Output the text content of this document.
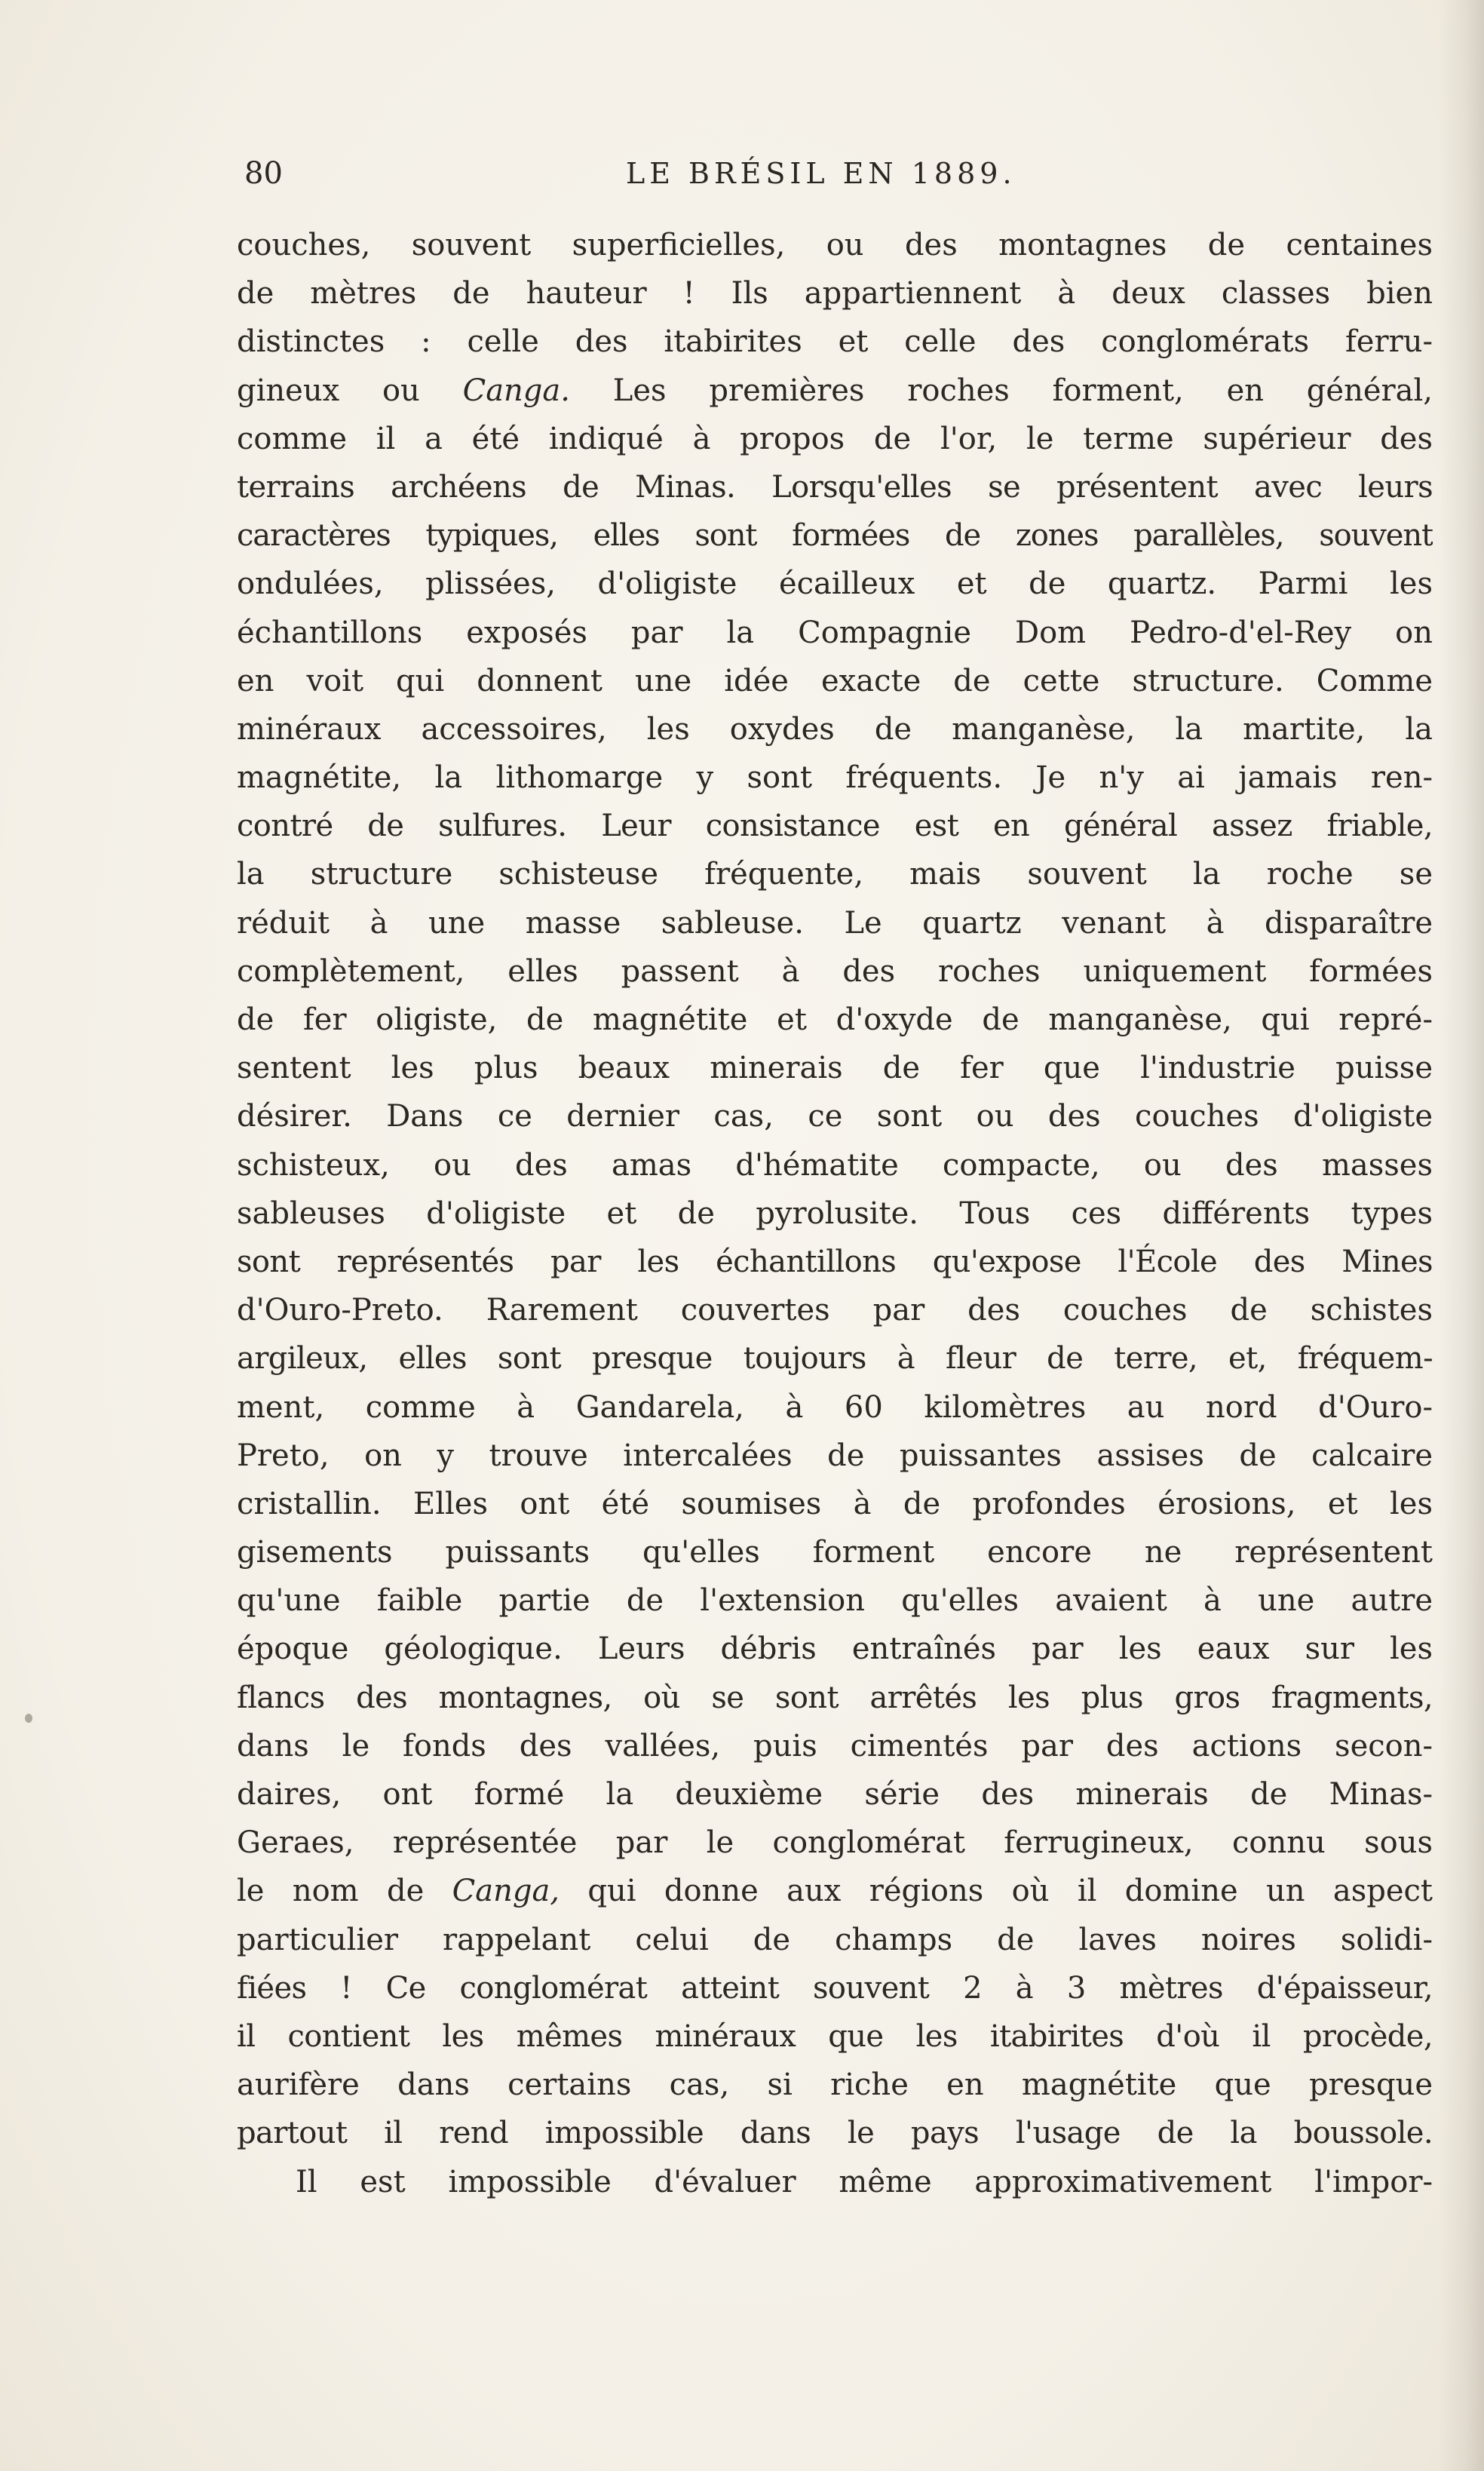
80	LE BRÉSIL EN 1889.
couches, souvent superficielles, ou des montagnes de centaines
de mètres de hauteur ! Ils appartiennent à deux classes bien
distinctes : celle des itabirites et celle des conglomérats ferru-
gineux ou Canga. Les premières roches forment, en général,
comme il a été indiqué à propos de l'or, le terme supérieur des
terrains archéens de Minas. Lorsqu'elles se présentent avec leurs
caractères typiques, elles sont formées de zones parallèles, souvent
ondulées, plissées, d'oligiste écailleux et de quartz. Parmi les
échantillons exposés par la Compagnie Dom Pedro-d'el-Rey on
en voit qui donnent une idée exacte de cette structure. Comme
minéraux accessoires, les oxydes de manganèse, la martite, la
magnétite, la lithomarge y sont fréquents. Je n'y ai jamais ren-
contré de sulfures. Leur consistance est en général assez friable,
la structure schisteuse fréquente, mais souvent la roche se
réduit à une masse sableuse. Le quartz venant à disparaître
complètement, elles passent à des roches uniquement formées
de fer oligiste, de magnétite et d'oxyde de manganèse, qui repré-
sentent les plus beaux minerais de fer que l'industrie puisse
désirer. Dans ce dernier cas, ce sont ou des couches d'oligiste
schisteux, ou des amas d'hématite compacte, ou des masses
sableuses d'oligiste et de pyrolusite. Tous ces différents types
sont représentés par les échantillons qu'expose l'École des Mines
d'Ouro-Preto. Rarement couvertes par des couches de schistes
argileux, elles sont presque toujours à fleur de terre, et, fréquem-
ment, comme à Gandarela, à 60 kilomètres au nord d'Ouro-
Preto, on y trouve intercalées de puissantes assises de calcaire
cristallin. Elles ont été soumises à de profondes érosions, et les
gisements puissants qu'elles forment encore ne représentent
qu'une faible partie de l'extension qu'elles avaient à une autre
époque géologique. Leurs débris entraînés par les eaux sur les
flancs des montagnes, où se sont arrêtés les plus gros fragments,
dans le fonds des vallées, puis cimentés par des actions secon-
daires, ont formé la deuxième série des minerais de Minas-
Geraes, représentée par le conglomérat ferrugineux, connu sous
le nom de Canga, qui donne aux régions où il domine un aspect
particulier rappelant celui de champs de laves noires solidi-
fiées ! Ce conglomérat atteint souvent 2 à 3 mètres d'épaisseur,
il contient les mêmes minéraux que les itabirites d'où il procède,
aurifère dans certains cas, si riche en magnétite que presque
partout il rend impossible dans le pays l'usage de la boussole.
Il est impossible d'évaluer même approximativement l'impor-
